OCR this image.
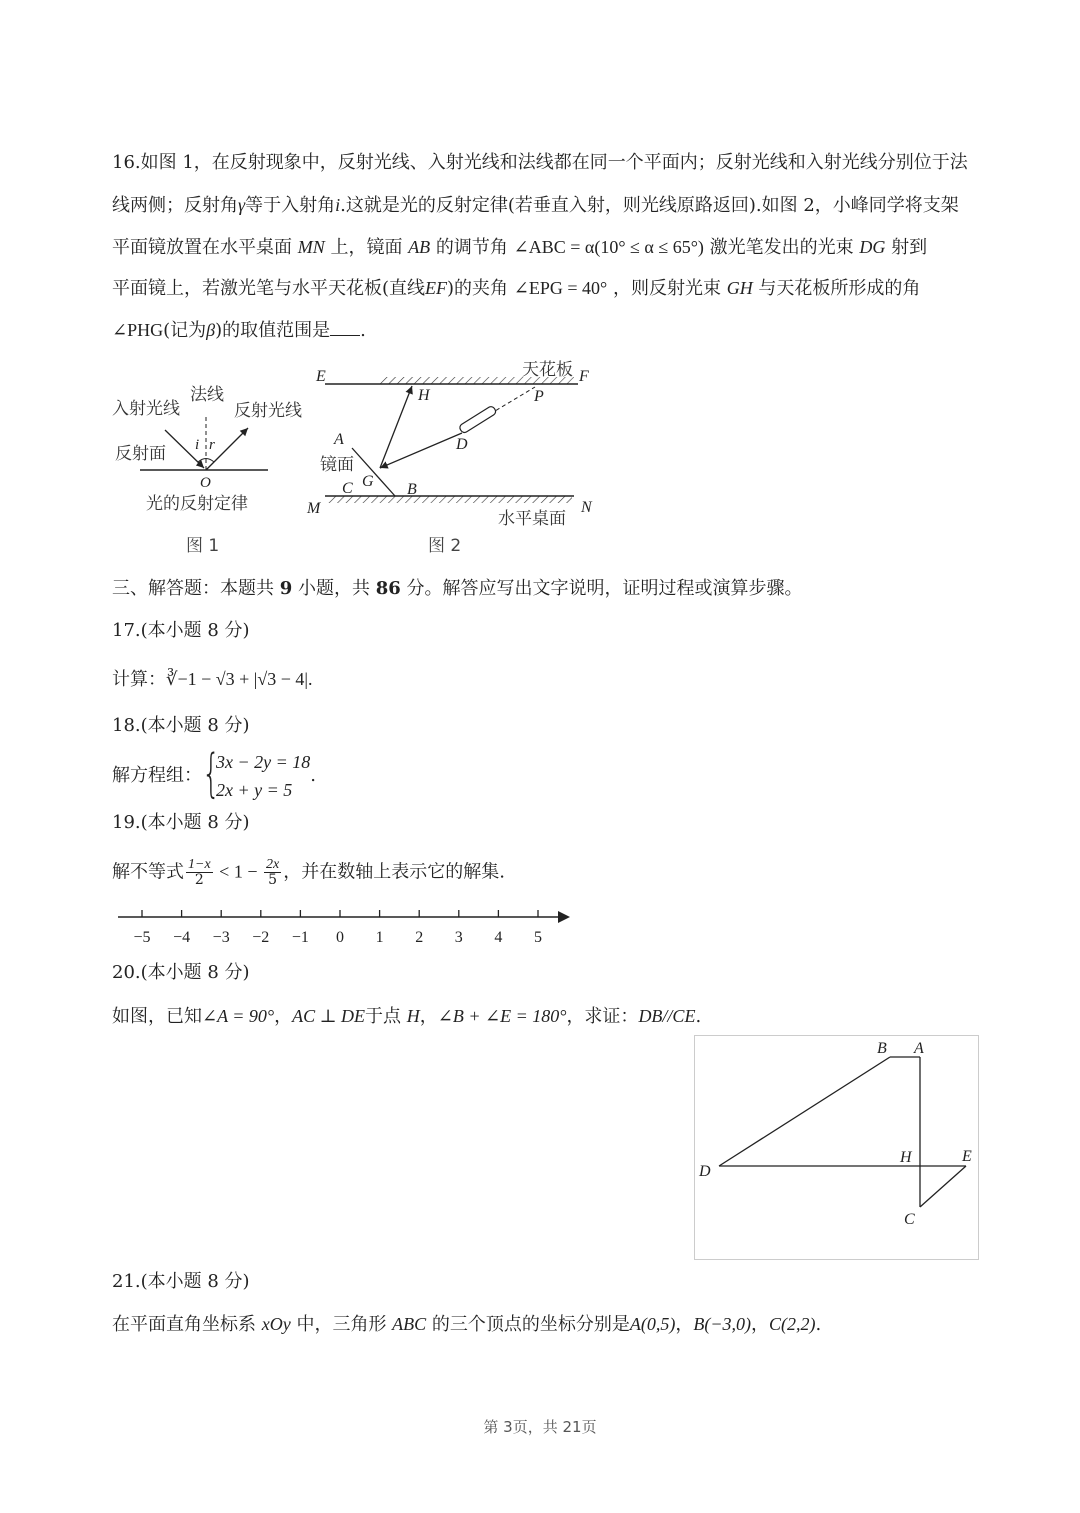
16.如图 1，在反射现象中，反射光线、入射光线和法线都在同一个平面内；反射光线和入射光线分别位于法
线两侧；反射角γ等于入射角i.这就是光的反射定律(若垂直入射，则光线原路返回).如图 2，小峰同学将支架
平面镜放置在水平桌面 MN 上，镜面 AB 的调节角 ∠ABC = α(10° ≤ α ≤ 65°) 激光笔发出的光束 DG 射到
平面镜上，若激光笔与水平天花板(直线EF)的夹角 ∠EPG = 40° ，则反射光束 GH 与天花板所形成的角
∠PHG(记为β)的取值范围是 .
入射光线
法线
反射光线
反射面 i r
O
光的反射定律
图 1
E	天花板 F
H	P
A	D
镜面
G
C	B
M
水平桌面
N
图 2
三、解答题：本题共 9 小题，共 86 分。解答应写出文字说明，证明过程或演算步骤。
17.(本小题 8 分)
计算：∛−1 − √3 + |√3 − 4|.
18.(本小题 8 分)
解方程组： {
3x − 2y = 18
2x + y = 5
.
19.(本小题 8 分)
解不等式 $\frac{1-x}{2} < 1 - \frac{2x}{5}$ ，并在数轴上表示它的解集.
−5 −4 −3 −2 −1 0 1 2 3 4 5
20.(本小题 8 分)
如图，已知∠A = 90°，AC ⊥ DE于点 H，∠B + ∠E = 180°，求证：DB//CE.
B A
D
H	E
C
21.(本小题 8 分)
在平面直角坐标系 xOy 中，三角形 ABC 的三个顶点的坐标分别是A(0,5)，B(−3,0)，C(2,2).
第 3页，共 21页
